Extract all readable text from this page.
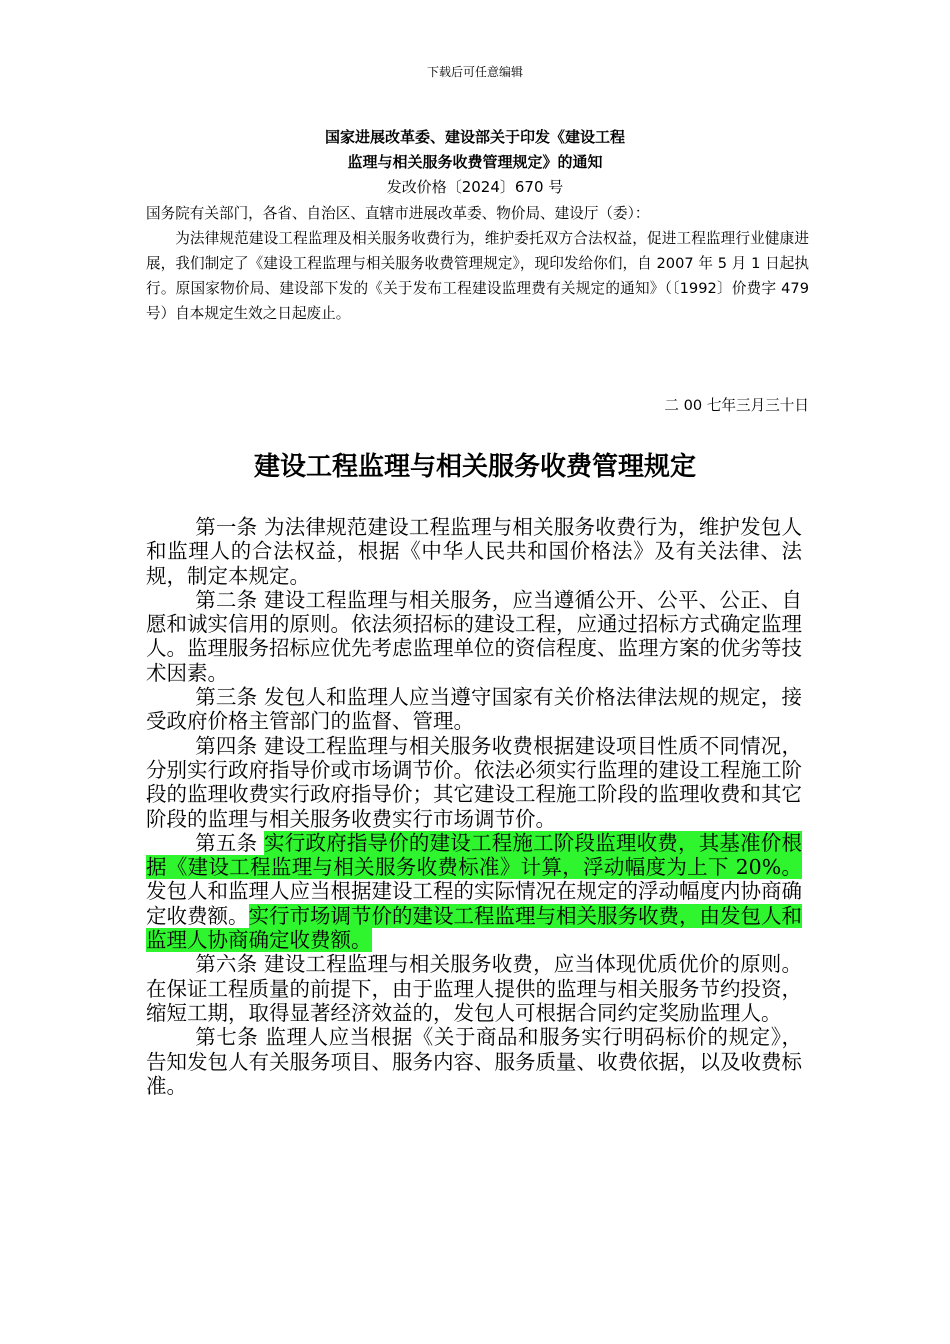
下载后可任意编辑
国家进展改革委、建设部关于印发《建设工程
监理与相关服务收费管理规定》的通知
发改价格〔2024〕670 号

国务院有关部门，各省、自治区、直辖市进展改革委、物价局、建设厅（委）：

为法律规范建设工程监理及相关服务收费行为，维护委托双方合法权益，促进工程监理行业健康进展，我们制定了《建设工程监理与相关服务收费管理规定》，现印发给你们，自 2007 年 5 月 1 日起执行。原国家物价局、建设部下发的《关于发布工程建设监理费有关规定的通知》（〔1992〕价费字 479 号）自本规定生效之日起废止。

二 00 七年三月三十日
建设工程监理与相关服务收费管理规定

第一条 为法律规范建设工程监理与相关服务收费行为，维护发包人和监理人的合法权益，根据《中华人民共和国价格法》及有关法律、法规，制定本规定。

第二条 建设工程监理与相关服务，应当遵循公开、公平、公正、自愿和诚实信用的原则。依法须招标的建设工程，应通过招标方式确定监理人。监理服务招标应优先考虑监理单位的资信程度、监理方案的优劣等技术因素。

第三条 发包人和监理人应当遵守国家有关价格法律法规的规定，接受政府价格主管部门的监督、管理。

第四条 建设工程监理与相关服务收费根据建设项目性质不同情况，分别实行政府指导价或市场调节价。依法必须实行监理的建设工程施工阶段的监理收费实行政府指导价；其它建设工程施工阶段的监理收费和其它阶段的监理与相关服务收费实行市场调节价。

第五条 实行政府指导价的建设工程施工阶段监理收费，其基准价根据《建设工程监理与相关服务收费标准》计算，浮动幅度为上下 20%。发包人和监理人应当根据建设工程的实际情况在规定的浮动幅度内协商确定收费额。实行市场调节价的建设工程监理与相关服务收费，由发包人和监理人协商确定收费额。

第六条 建设工程监理与相关服务收费，应当体现优质优价的原则。在保证工程质量的前提下，由于监理人提供的监理与相关服务节约投资，缩短工期，取得显著经济效益的，发包人可根据合同约定奖励监理人。

第七条 监理人应当根据《关于商品和服务实行明码标价的规定》，告知发包人有关服务项目、服务内容、服务质量、收费依据，以及收费标准。
